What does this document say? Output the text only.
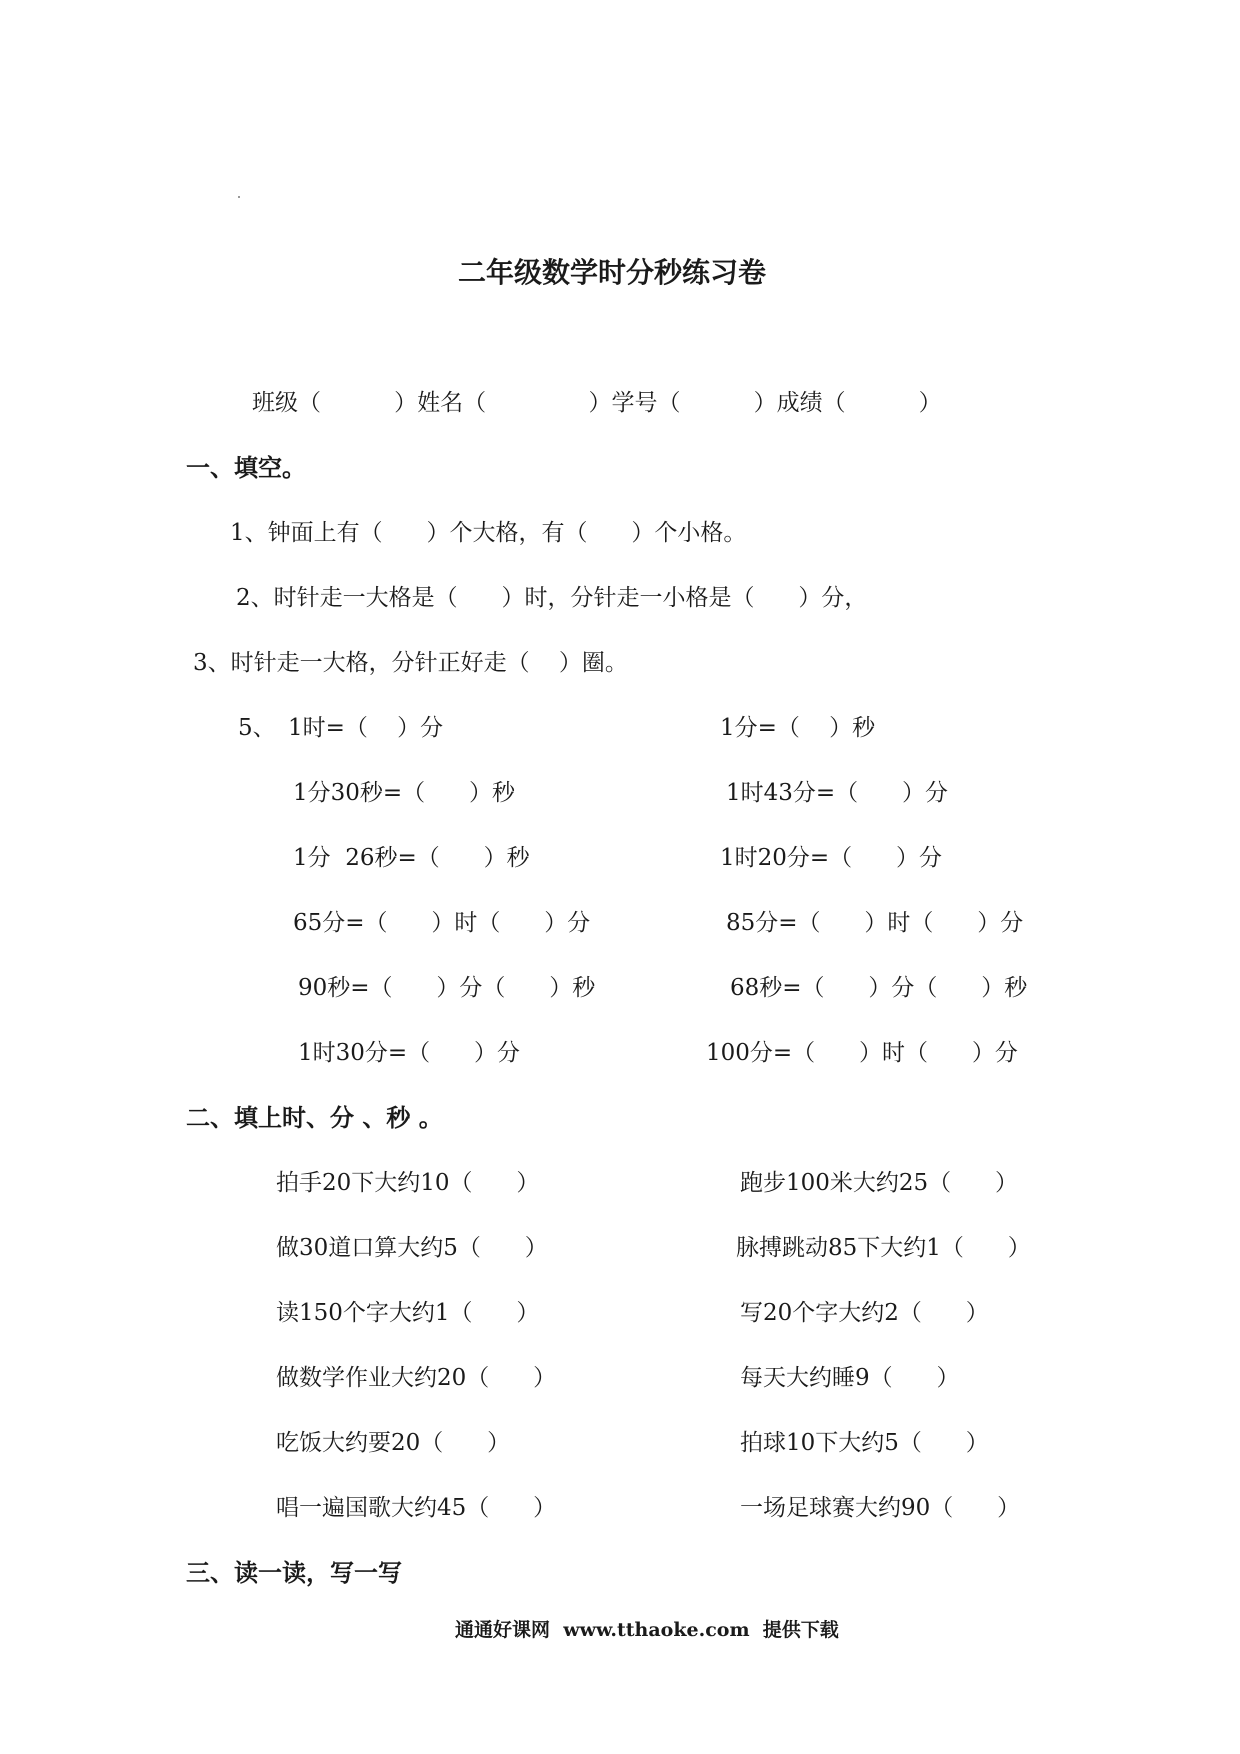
二年级数学时分秒练习卷
班级（          ）姓名（              ）学号（          ）成绩（          ）
一、填空。
1、钟面上有（      ）个大格，有（      ）个小格。
2、时针走一大格是（      ）时，分针走一小格是（      ）分，
3、时针走一大格，分针正好走（    ）圈。
5、 1时=（    ）分	1分=（    ）秒
1分30秒=（      ）秒	1时43分=（      ）分
1分  26秒=（      ）秒	1时20分=（      ）分
65分=（      ）时（      ）分	85分=（      ）时（      ）分
90秒=（      ）分（      ）秒	68秒=（      ）分（      ）秒
1时30分=（      ）分	100分=（      ）时（      ）分
二、填上时、分 、秒 。
拍手20下大约10（      ）	跑步100米大约25（      ）
做30道口算大约5（      ）	脉搏跳动85下大约1（      ）
读150个字大约1（      ）	写20个字大约2（      ）
做数学作业大约20（      ）	每天大约睡9（      ）
吃饭大约要20（      ）	拍球10下大约5（      ）
唱一遍国歌大约45（      ）	一场足球赛大约90（      ）
三、读一读，写一写
通通好课网  www.tthaoke.com  提供下载
